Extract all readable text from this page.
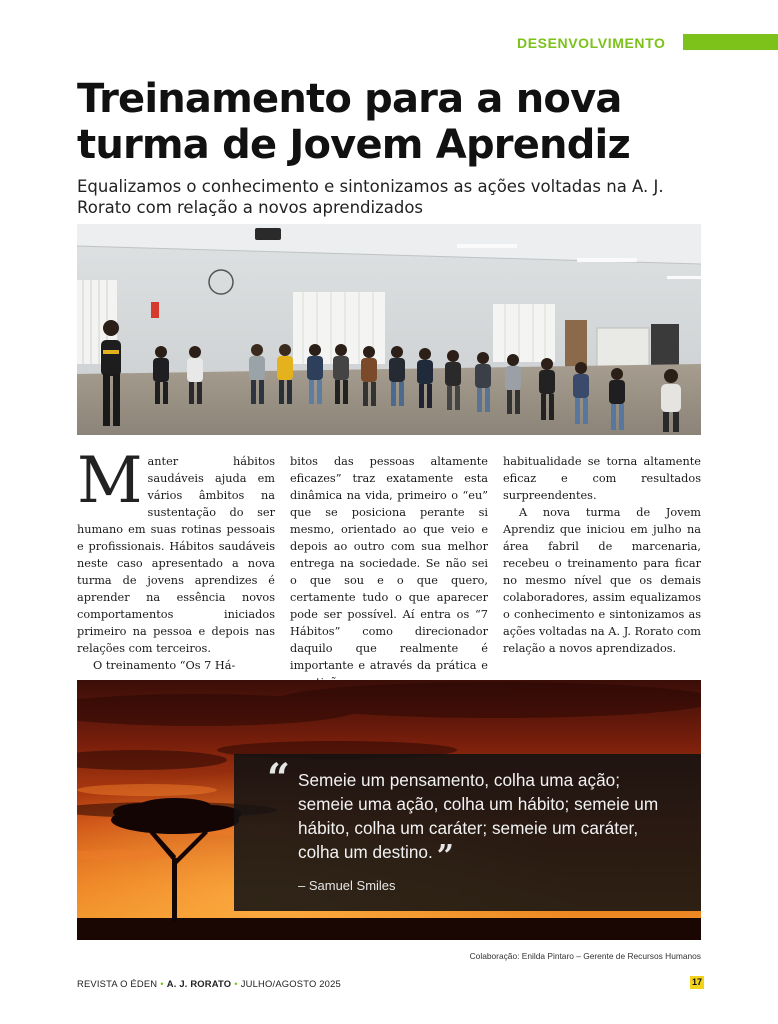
DESENVOLVIMENTO
Treinamento para a nova turma de Jovem Aprendiz

Equalizamos o conhecimento e sintonizamos as ações voltadas na A. J. Rorato com relação a novos aprendizados

Manter hábitos saudáveis ajuda em vários âmbitos na sustentação do ser humano em suas rotinas pessoais e profissionais. Hábitos saudáveis neste caso apresentado a nova turma de jovens aprendizes é aprender na essência novos comportamentos iniciados primeiro na pessoa e depois nas relações com terceiros.

O treinamento “Os 7 Há-

bitos das pessoas altamente eficazes” traz exatamente esta dinâmica na vida, primeiro o “eu” que se posiciona perante si mesmo, orientado ao que veio e depois ao outro com sua melhor entrega na sociedade. Se não sei o que sou e o que quero, certamente tudo o que aparecer pode ser possível. Aí entra os “7 Hábitos” como direcionador daquilo que realmente é importante e através da prática e

habitualidade se torna altamente eficaz e com resultados surpreendentes.

A nova turma de Jovem Aprendiz que iniciou em julho na área fabril de marcenaria, recebeu o treinamento para ficar no mesmo nível que os demais colaboradores, assim equalizamos o conhecimento e sintonizamos as ações voltadas na A. J. Rorato com relação a novos aprendizados.

“ Semeie um pensamento, colha uma ação; semeie uma ação, colha um hábito; semeie um hábito, colha um caráter; semeie um caráter, colha um destino. ”

– Samuel Smiles
Colaboração: Enilda Pintaro – Gerente de Recursos Humanos
REVISTA O ÉDEN • A. J. RORATO • JULHO/AGOSTO 2025	17
